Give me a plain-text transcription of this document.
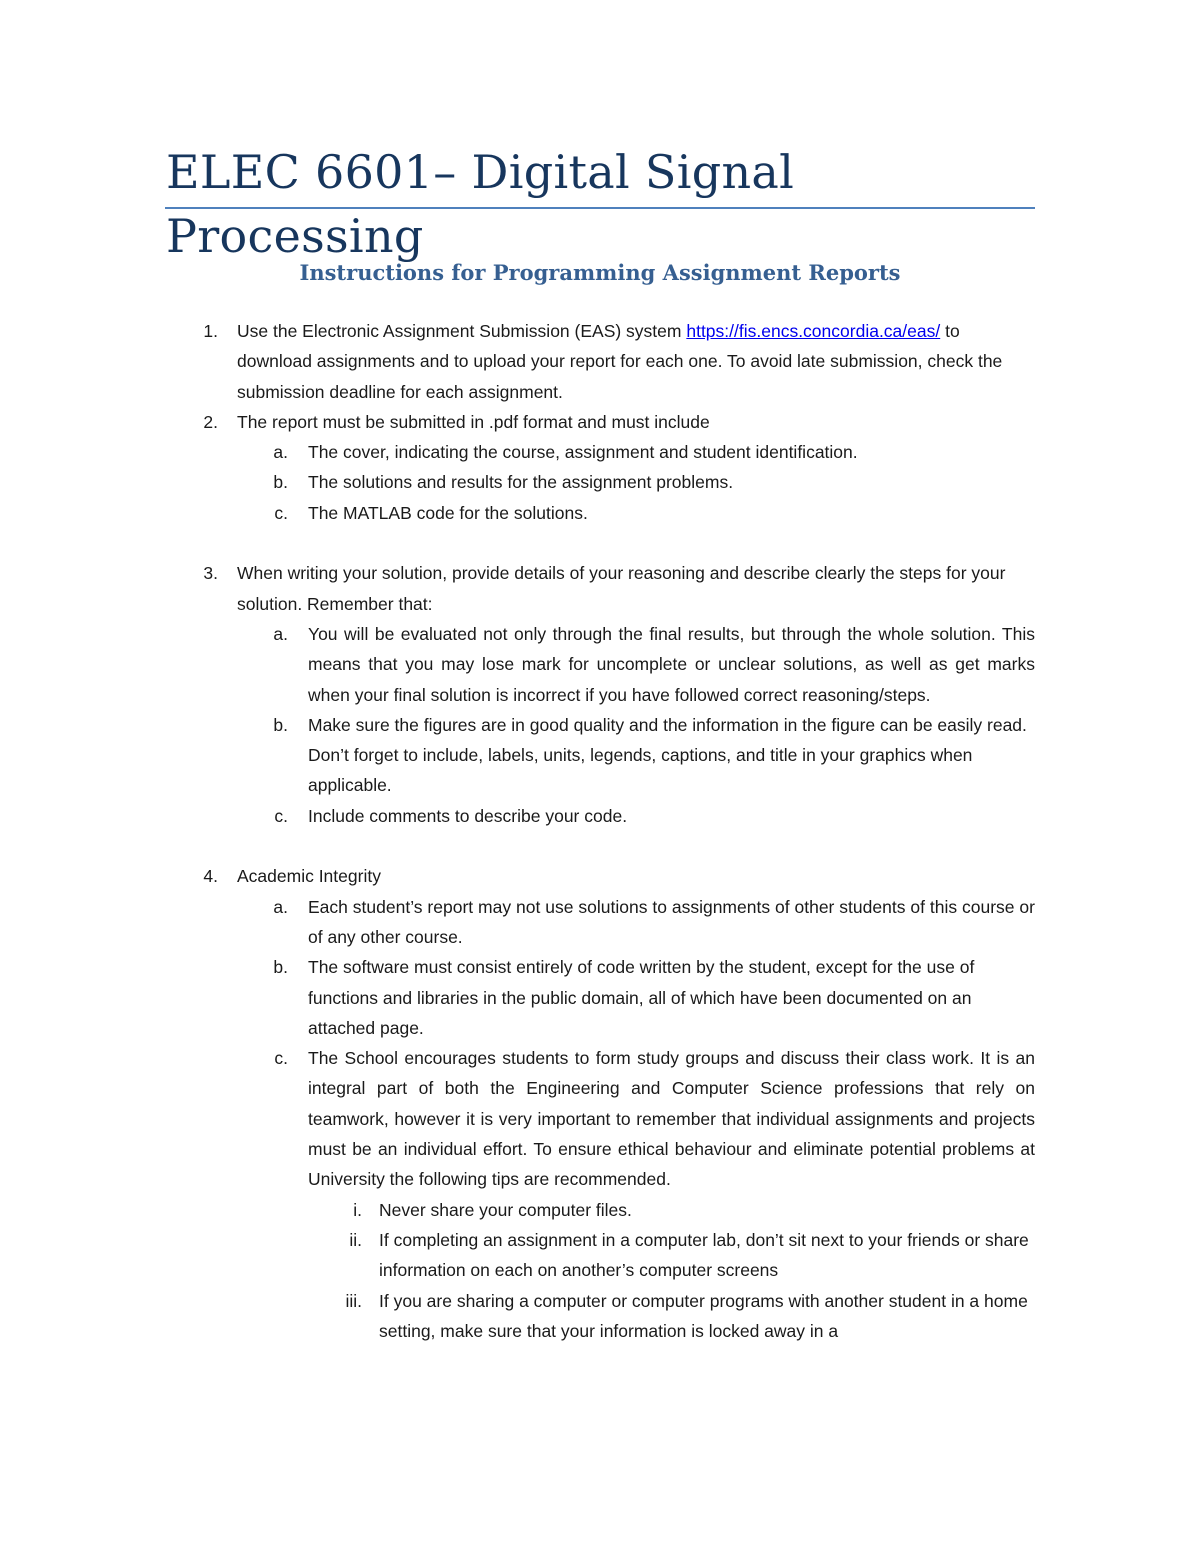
ELEC 6601– Digital Signal Processing
Instructions for Programming Assignment Reports
1. Use the Electronic Assignment Submission (EAS) system https://fis.encs.concordia.ca/eas/ to download assignments and to upload your report for each one. To avoid late submission, check the submission deadline for each assignment.
2. The report must be submitted in .pdf format and must include
a. The cover, indicating the course, assignment and student identification.
b. The solutions and results for the assignment problems.
c. The MATLAB code for the solutions.
3. When writing your solution, provide details of your reasoning and describe clearly the steps for your solution. Remember that:
a. You will be evaluated not only through the final results, but through the whole solution. This means that you may lose mark for uncomplete or unclear solutions, as well as get marks when your final solution is incorrect if you have followed correct reasoning/steps.
b. Make sure the figures are in good quality and the information in the figure can be easily read. Don’t forget to include, labels, units, legends, captions, and title in your graphics when applicable.
c. Include comments to describe your code.
4. Academic Integrity
a. Each student’s report may not use solutions to assignments of other students of this course or of any other course.
b. The software must consist entirely of code written by the student, except for the use of functions and libraries in the public domain, all of which have been documented on an attached page.
c. The School encourages students to form study groups and discuss their class work. It is an integral part of both the Engineering and Computer Science professions that rely on teamwork, however it is very important to remember that individual assignments and projects must be an individual effort. To ensure ethical behaviour and eliminate potential problems at University the following tips are recommended.
i. Never share your computer files.
ii. If completing an assignment in a computer lab, don’t sit next to your friends or share information on each on another’s computer screens
iii. If you are sharing a computer or computer programs with another student in a home setting, make sure that your information is locked away in a
